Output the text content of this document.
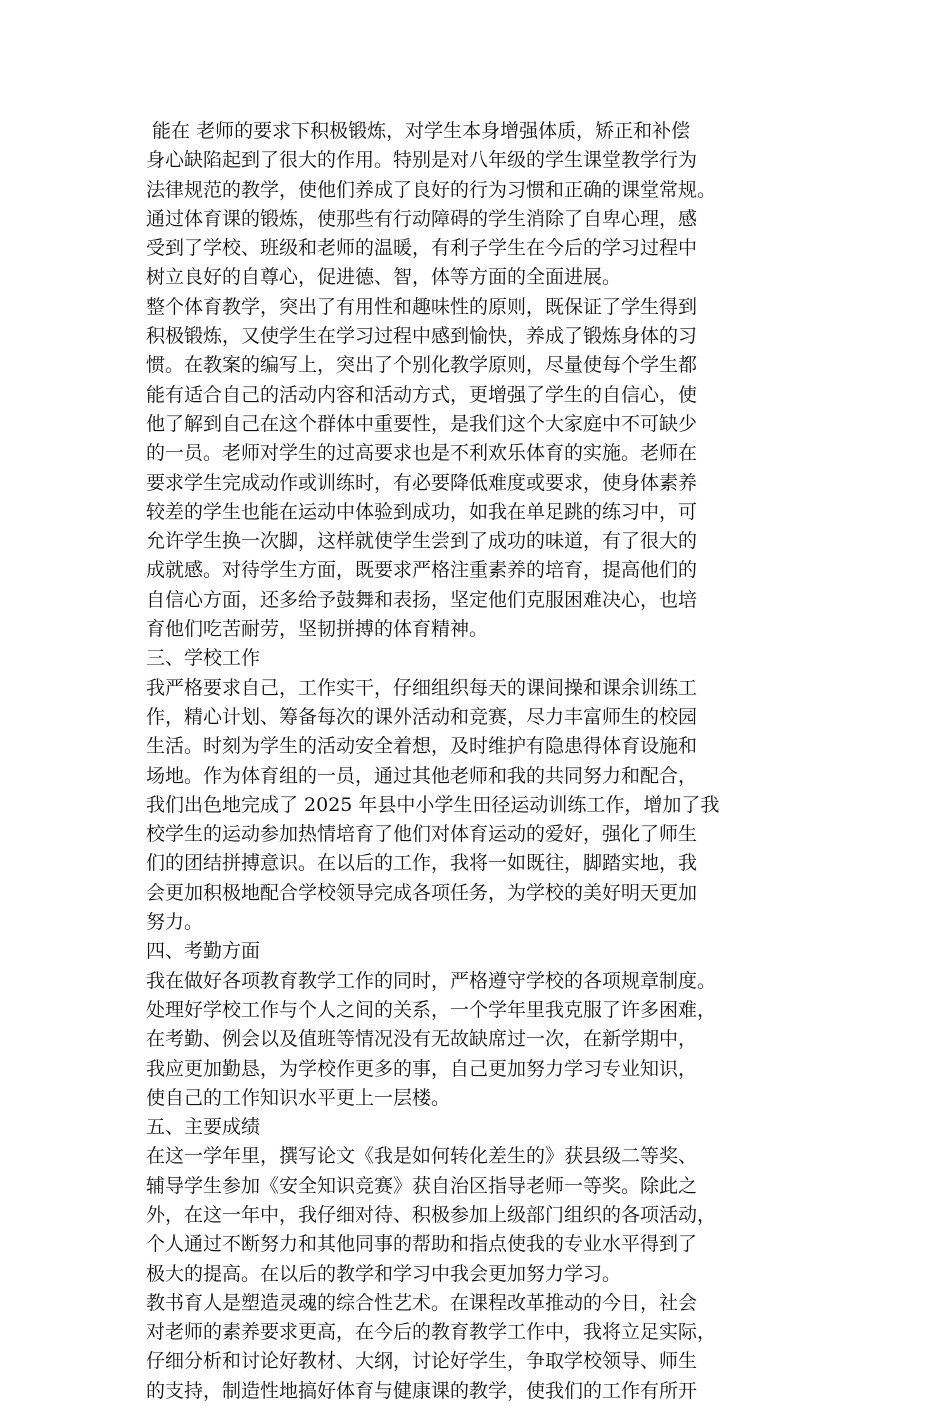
能在 老师的要求下积极锻炼，对学生本身增强体质，矫正和补偿
身心缺陷起到了很大的作用。特别是对八年级的学生课堂教学行为
法律规范的教学，使他们养成了良好的行为习惯和正确的课堂常规。
通过体育课的锻炼，使那些有行动障碍的学生消除了自卑心理，感
受到了学校、班级和老师的温暖，有利子学生在今后的学习过程中
树立良好的自尊心，促进德、智，体等方面的全面进展。
整个体育教学，突出了有用性和趣味性的原则，既保证了学生得到
积极锻炼，又使学生在学习过程中感到愉快，养成了锻炼身体的习
惯。在教案的编写上，突出了个别化教学原则，尽量使每个学生都
能有适合自己的活动内容和活动方式，更增强了学生的自信心，使
他了解到自己在这个群体中重要性，是我们这个大家庭中不可缺少
的一员。老师对学生的过高要求也是不利欢乐体育的实施。老师在
要求学生完成动作或训练时，有必要降低难度或要求，使身体素养
较差的学生也能在运动中体验到成功，如我在单足跳的练习中，可
允许学生换一次脚，这样就使学生尝到了成功的味道，有了很大的
成就感。对待学生方面，既要求严格注重素养的培育，提高他们的
自信心方面，还多给予鼓舞和表扬，坚定他们克服困难决心，也培
育他们吃苦耐劳，坚韧拼搏的体育精神。
三、学校工作
我严格要求自己，工作实干，仔细组织每天的课间操和课余训练工
作，精心计划、筹备每次的课外活动和竞赛，尽力丰富师生的校园
生活。时刻为学生的活动安全着想，及时维护有隐患得体育设施和
场地。作为体育组的一员，通过其他老师和我的共同努力和配合，
我们出色地完成了 2025 年县中小学生田径运动训练工作，增加了我
校学生的运动参加热情培育了他们对体育运动的爱好，强化了师生
们的团结拼搏意识。在以后的工作，我将一如既往，脚踏实地，我
会更加积极地配合学校领导完成各项任务，为学校的美好明天更加
努力。
四、考勤方面
我在做好各项教育教学工作的同时，严格遵守学校的各项规章制度。
处理好学校工作与个人之间的关系，一个学年里我克服了许多困难，
在考勤、例会以及值班等情况没有无故缺席过一次，在新学期中，
我应更加勤恳，为学校作更多的事，自己更加努力学习专业知识，
使自己的工作知识水平更上一层楼。
五、主要成绩
在这一学年里，撰写论文《我是如何转化差生的》获县级二等奖、
辅导学生参加《安全知识竞赛》获自治区指导老师一等奖。除此之
外，在这一年中，我仔细对待、积极参加上级部门组织的各项活动，
个人通过不断努力和其他同事的帮助和指点使我的专业水平得到了
极大的提高。在以后的教学和学习中我会更加努力学习。
教书育人是塑造灵魂的综合性艺术。在课程改革推动的今日，社会
对老师的素养要求更高，在今后的教育教学工作中，我将立足实际，
仔细分析和讨论好教材、大纲，讨论好学生，争取学校领导、师生
的支持，制造性地搞好体育与健康课的教学，使我们的工作有所开
